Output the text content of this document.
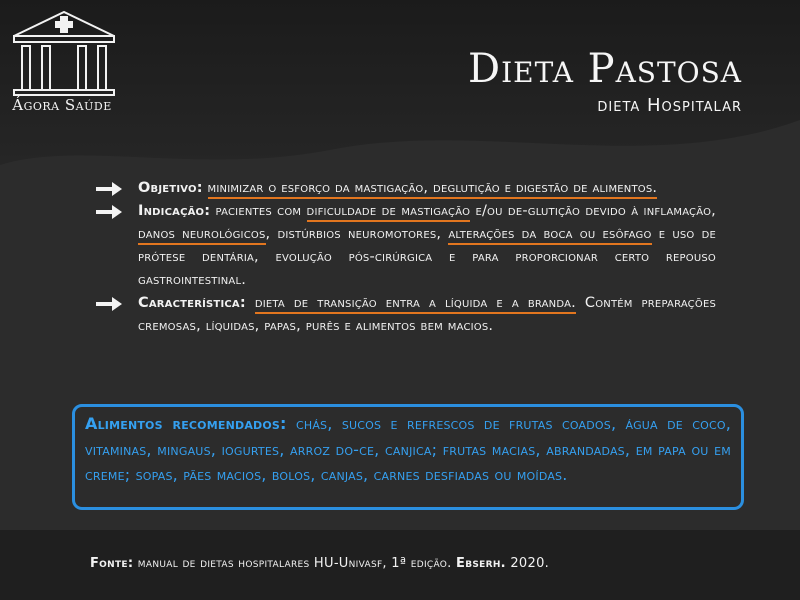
Ágora Saúde
Dieta Pastosa
dieta Hospitalar
Objetivo: minimizar o esforço da mastigação, deglutição e digestão de alimentos.
Indicação: pacientes com dificuldade de mastigação e/ou de-glutição devido à inflamação, danos neurológicos, distúrbios neuromotores, alterações da boca ou esôfago e uso de prótese dentária, evolução pós-cirúrgica e para proporcionar certo repouso gastrointestinal.
Característica: dieta de transição entra a líquida e a branda. Contém preparações cremosas, líquidas, papas, purês e alimentos bem macios.
Alimentos recomendados: chás, sucos e refrescos de frutas coados, água de coco, vitaminas, mingaus, iogurtes, arroz do-ce, canjica; frutas macias, abrandadas, em papa ou em creme; sopas, pães macios, bolos, canjas, carnes desfiadas ou moídas.
Fonte: manual de dietas hospitalares HU-Univasf, 1ª edição. Ebserh. 2020.
